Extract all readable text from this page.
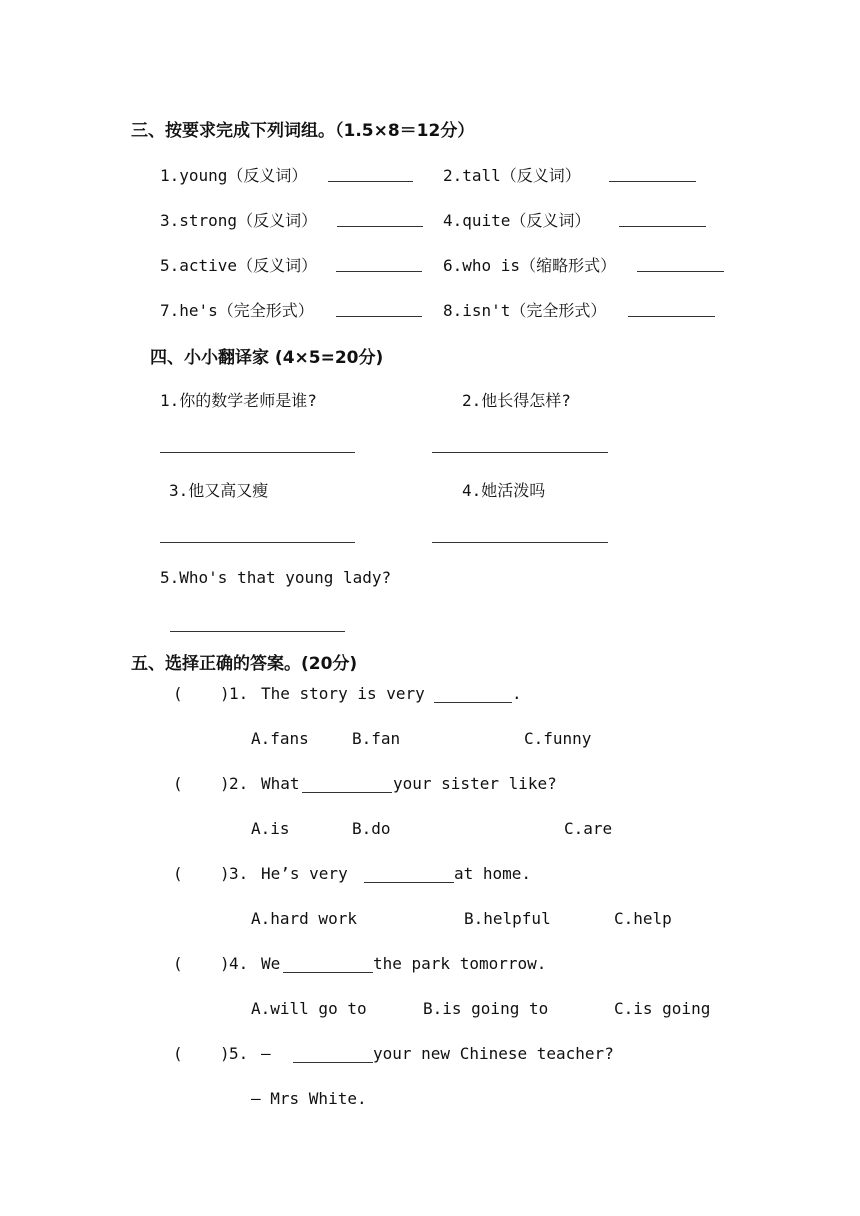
三、按要求完成下列词组。（1.5×8＝12分）
1.young（反义词）	2.tall（反义词）
3.strong（反义词）	4.quite（反义词）
5.active（反义词）	6.who is（缩略形式）
7.he's（完全形式）	8.isn't（完全形式）
四、小小翻译家 (4×5=20分)
1.你的数学老师是谁?	2.他长得怎样?
3.他又高又瘦	4.她活泼吗
5.Who's that young lady?
五、选择正确的答案。(20分)
( ) 1. The story is very	.
A.fans	B.fan	C.funny
( ) 2. What	your sister like?
A.is	B.do	C.are
( ) 3. He’s very	at home.
A.hard work	B.helpful	C.help
( ) 4. We	the park tomorrow.
A.will go to	B.is going to	C.is going
( ) 5. —	your new Chinese teacher?
— Mrs White.
